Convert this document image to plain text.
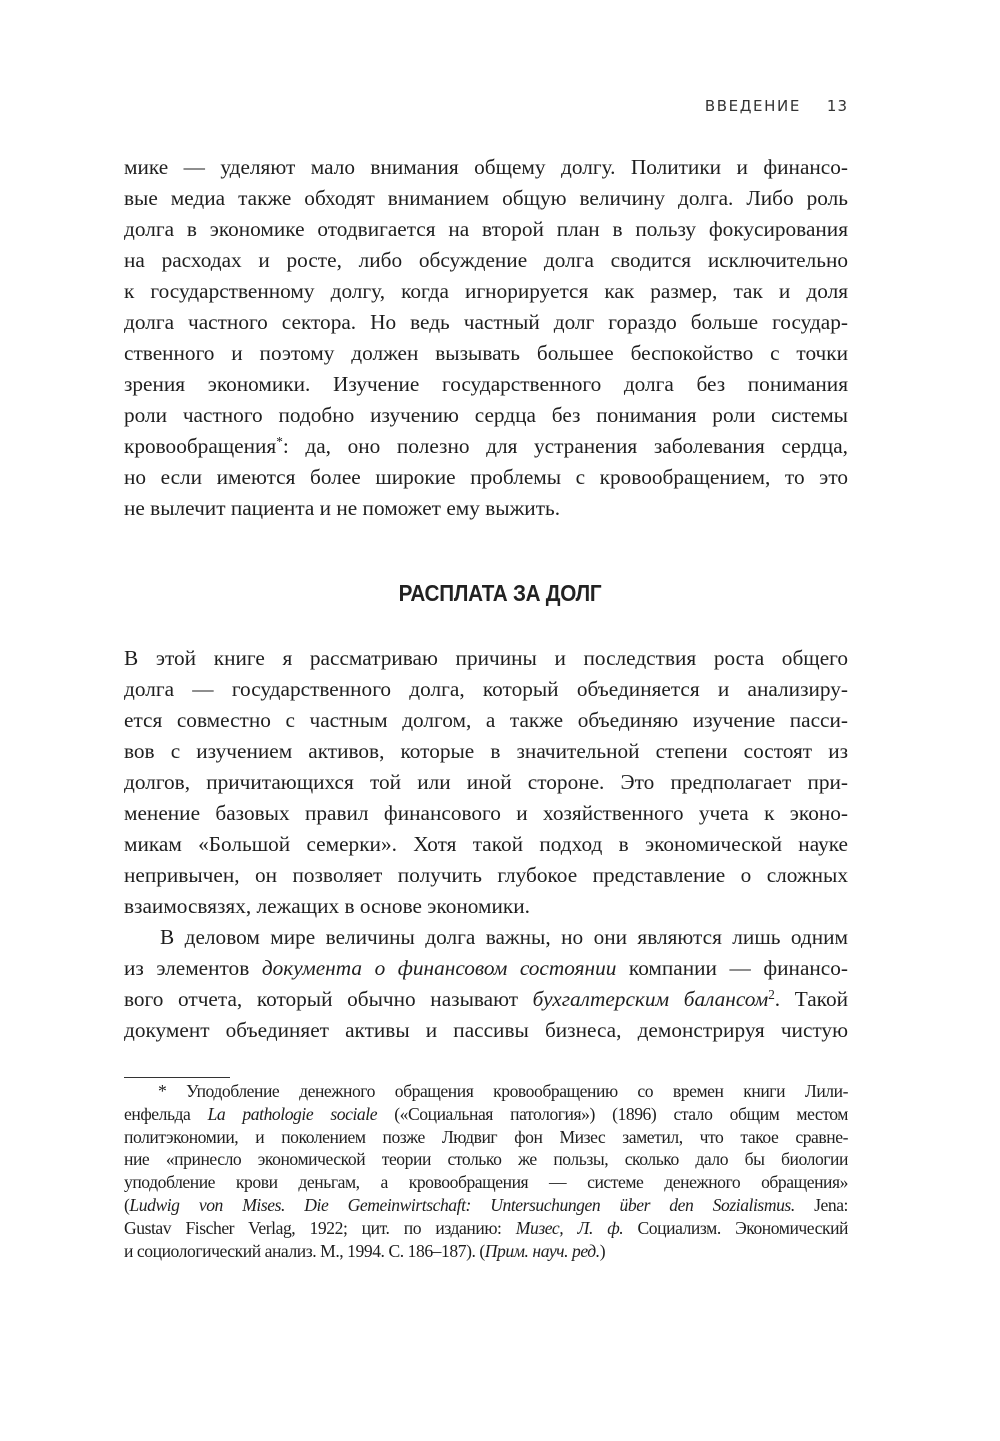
ВВЕДЕНИЕ 13
мике — уделяют мало внимания общему долгу. Политики и финансо-
вые медиа также обходят вниманием общую величину долга. Либо роль
долга в экономике отодвигается на второй план в пользу фокусирования
на расходах и росте, либо обсуждение долга сводится исключительно
к государственному долгу, когда игнорируется как размер, так и доля
долга частного сектора. Но ведь частный долг гораздо больше государ-
ственного и поэтому должен вызывать большее беспокойство с точки
зрения экономики. Изучение государственного долга без понимания
роли частного подобно изучению сердца без понимания роли системы
кровообращения*: да, оно полезно для устранения заболевания сердца,
но если имеются более широкие проблемы с кровообращением, то это
не вылечит пациента и не поможет ему выжить.
РАСПЛАТА ЗА ДОЛГ
В этой книге я рассматриваю причины и последствия роста общего
долга — государственного долга, который объединяется и анализиру-
ется совместно с частным долгом, а также объединяю изучение пасси-
вов с изучением активов, которые в значительной степени состоят из
долгов, причитающихся той или иной стороне. Это предполагает при-
менение базовых правил финансового и хозяйственного учета к эконо-
микам «Большой семерки». Хотя такой подход в экономической науке
непривычен, он позволяет получить глубокое представление о сложных
взаимосвязях, лежащих в основе экономики.
В деловом мире величины долга важны, но они являются лишь одним
из элементов документа о финансовом состоянии компании — финансо-
вого отчета, который обычно называют бухгалтерским балансом$^2$. Такой
документ объединяет активы и пассивы бизнеса, демонстрируя чистую
* Уподобление денежного обращения кровообращению со времен книги Лили-
енфельда La pathologie sociale («Социальная патология») (1896) стало общим местом
политэкономии, и поколением позже Людвиг фон Мизес заметил, что такое сравне-
ние «принесло экономической теории столько же пользы, сколько дало бы биологии
уподобление крови деньгам, а кровообращения — системе денежного обращения»
(Ludwig von Mises. Die Gemeinwirtschaft: Untersuchungen über den Sozialismus. Jena:
Gustav Fischer Verlag, 1922; цит. по изданию: Мизес, Л. ф. Социализм. Экономический
и социологический анализ. М., 1994. С. 186–187). (Прим. науч. ред.)
